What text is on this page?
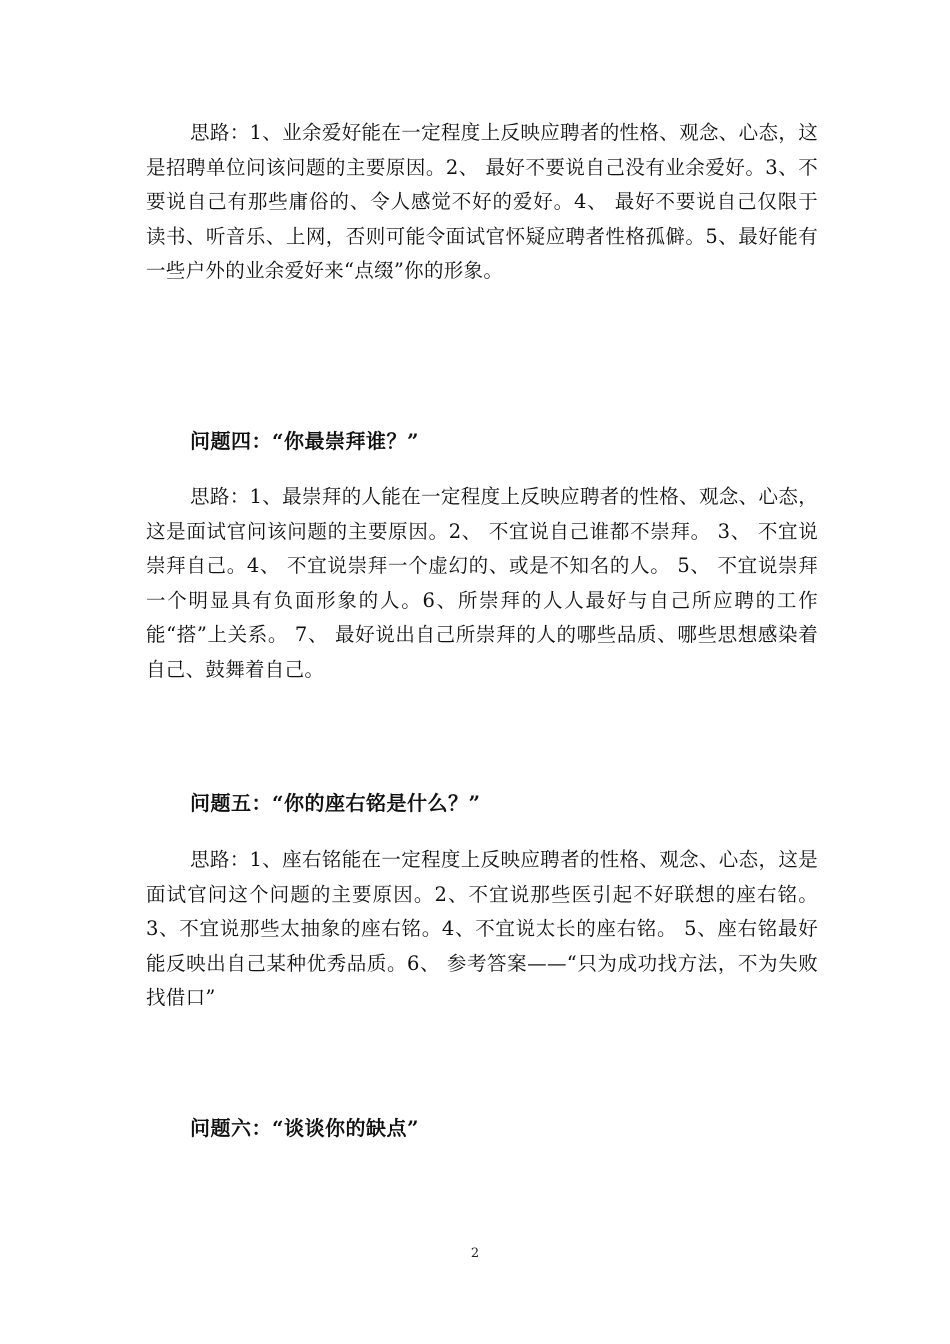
思路：1、业余爱好能在一定程度上反映应聘者的性格、观念、心态，这是招聘单位问该问题的主要原因。2、 最好不要说自己没有业余爱好。3、不要说自己有那些庸俗的、令人感觉不好的爱好。4、 最好不要说自己仅限于读书、听音乐、上网，否则可能令面试官怀疑应聘者性格孤僻。5、最好能有一些户外的业余爱好来“点缀”你的形象。

问题四：“你最崇拜谁？”

思路：1、最崇拜的人能在一定程度上反映应聘者的性格、观念、心态，这是面试官问该问题的主要原因。2、 不宜说自己谁都不崇拜。 3、 不宜说崇拜自己。4、 不宜说崇拜一个虚幻的、或是不知名的人。 5、 不宜说崇拜一个明显具有负面形象的人。6、所崇拜的人人最好与自己所应聘的工作能“搭”上关系。 7、 最好说出自己所崇拜的人的哪些品质、哪些思想感染着自己、鼓舞着自己。

问题五：“你的座右铭是什么？”

思路：1、座右铭能在一定程度上反映应聘者的性格、观念、心态，这是面试官问这个问题的主要原因。2、不宜说那些医引起不好联想的座右铭。3、不宜说那些太抽象的座右铭。4、不宜说太长的座右铭。 5、座右铭最好能反映出自己某种优秀品质。6、 参考答案——“只为成功找方法，不为失败找借口”

问题六：“谈谈你的缺点”

2
